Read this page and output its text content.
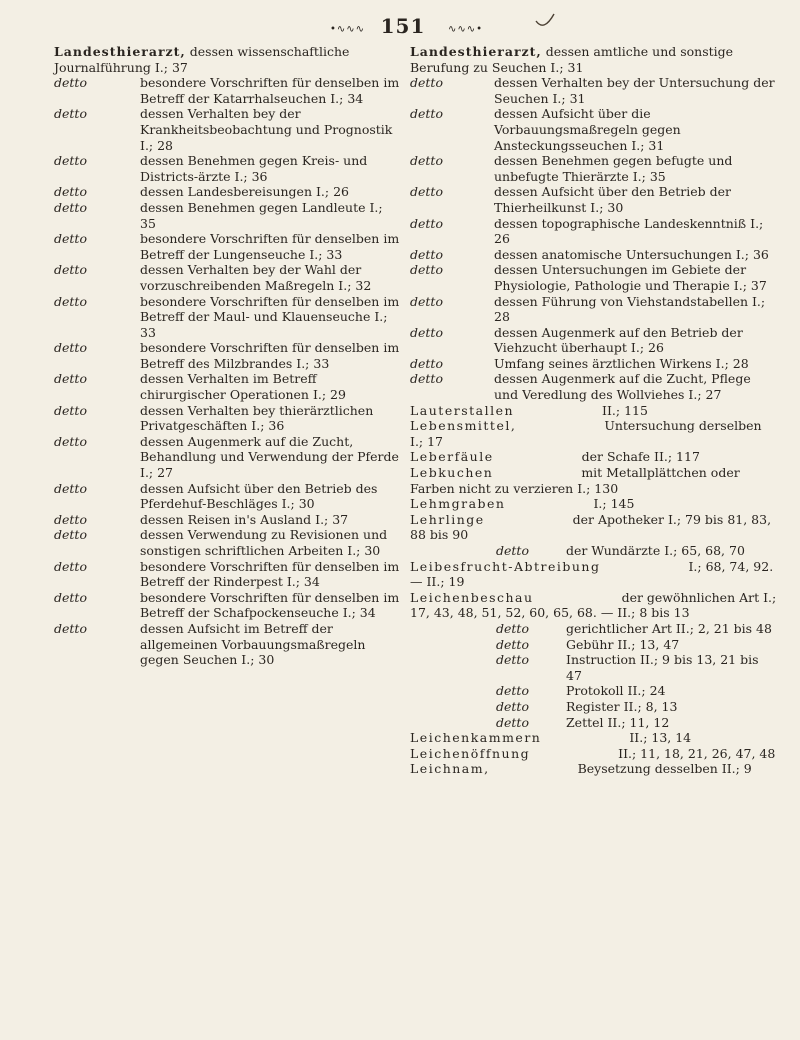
•∿∿∿ 151	∿∿∿•
Landesthierarzt, dessen wissenschaftliche Journalführung I.; 37
detto	besondere Vorschriften für denselben im Betreff der Katarrhalseuchen I.; 34
detto	dessen Verhalten bey der Krankheitsbeobachtung und Prognostik I.; 28
detto	dessen Benehmen gegen Kreis- und Districts-ärzte I.; 36
detto	dessen Landesbereisungen I.; 26
detto	dessen Benehmen gegen Landleute I.; 35
detto	besondere Vorschriften für denselben im Betreff der Lungenseuche I.; 33
detto	dessen Verhalten bey der Wahl der vorzuschreibenden Maßregeln I.; 32
detto	besondere Vorschriften für denselben im Betreff der Maul- und Klauenseuche I.; 33
detto	besondere Vorschriften für denselben im Betreff des Milzbrandes I.; 33
detto	dessen Verhalten im Betreff chirurgischer Operationen I.; 29
detto	dessen Verhalten bey thierärztlichen Privatgeschäften I.; 36
detto	dessen Augenmerk auf die Zucht, Behandlung und Verwendung der Pferde I.; 27
detto	dessen Aufsicht über den Betrieb des Pferdehuf-Beschläges I.; 30
detto	dessen Reisen in's Ausland I.; 37
detto	dessen Verwendung zu Revisionen und sonstigen schriftlichen Arbeiten I.; 30
detto	besondere Vorschriften für denselben im Betreff der Rinderpest I.; 34
detto	besondere Vorschriften für denselben im Betreff der Schafpockenseuche I.; 34
detto	dessen Aufsicht im Betreff der allgemeinen Vorbauungsmaßregeln gegen Seuchen I.; 30
Landesthierarzt, dessen amtliche und sonstige Berufung zu Seuchen I.; 31
detto	dessen Verhalten bey der Untersuchung der Seuchen I.; 31
detto	dessen Aufsicht über die Vorbauungsmaßregeln gegen Ansteckungsseuchen I.; 31
detto	dessen Benehmen gegen befugte und unbefugte Thierärzte I.; 35
detto	dessen Aufsicht über den Betrieb der Thierheilkunst I.; 30
detto	dessen topographische Landeskenntniß I.; 26
detto	dessen anatomische Untersuchungen I.; 36
detto	dessen Untersuchungen im Gebiete der Physiologie, Pathologie und Therapie I.; 37
detto	dessen Führung von Viehstandstabellen I.; 28
detto	dessen Augenmerk auf den Betrieb der Viehzucht überhaupt I.; 26
detto	Umfang seines ärztlichen Wirkens I.; 28
detto	dessen Augenmerk auf die Zucht, Pflege und Veredlung des Wollviehes I.; 27
Lauterstallen	II.; 115
Lebensmittel,	Untersuchung derselben I.; 17
Leberfäule	der Schafe II.; 117
Lebkuchen	mit Metallplättchen oder Farben nicht zu verzieren I.; 130
Lehmgraben	I.; 145
Lehrlinge	der Apotheker I.; 79 bis 81, 83, 88 bis 90
detto	der Wundärzte I.; 65, 68, 70
Leibesfrucht-Abtreibung	I.; 68, 74, 92. — II.; 19
Leichenbeschau	der gewöhnlichen Art I.; 17, 43, 48, 51, 52, 60, 65, 68. — II.; 8 bis 13
detto	gerichtlicher Art II.; 2, 21 bis 48
detto	Gebühr II.; 13, 47
detto	Instruction II.; 9 bis 13, 21 bis 47
detto	Protokoll II.; 24
detto	Register II.; 8, 13
detto	Zettel II.; 11, 12
Leichenkammern	II.; 13, 14
Leichenöffnung	II.; 11, 18, 21, 26, 47, 48
Leichnam,	Beysetzung desselben II.; 9
